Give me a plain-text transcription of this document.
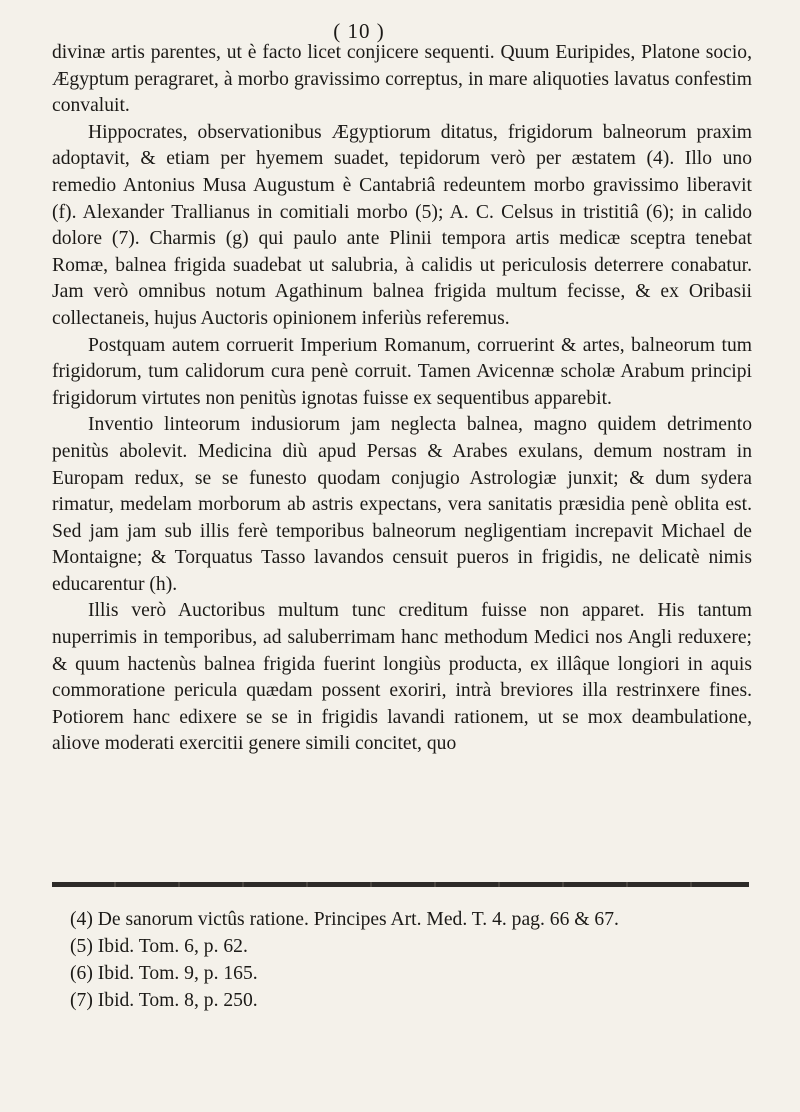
( 10 )

divinæ artis parentes, ut è facto licet conjicere sequenti. Quum Euripides, Platone socio, Ægyptum peragraret, à morbo gravissimo correptus, in mare aliquoties lavatus confestim convaluit.

Hippocrates, observationibus Ægyptiorum ditatus, frigidorum balneorum praxim adoptavit, & etiam per hyemem suadet, tepidorum verò per æstatem (4). Illo uno remedio Antonius Musa Augustum è Cantabriâ redeuntem morbo gravissimo liberavit (f). Alexander Trallianus in comitiali morbo (5); A. C. Celsus in tristitiâ (6); in calido dolore (7). Charmis (g) qui paulo ante Plinii tempora artis medicæ sceptra tenebat Romæ, balnea frigida suadebat ut salubria, à calidis ut periculosis deterrere conabatur. Jam verò omnibus notum Agathinum balnea frigida multum fecisse, & ex Oribasii collectaneis, hujus Auctoris opinionem inferiùs referemus.

Postquam autem corruerit Imperium Romanum, corruerint & artes, balneorum tum frigidorum, tum calidorum cura penè corruit. Tamen Avicennæ scholæ Arabum principi frigidorum virtutes non penitùs ignotas fuisse ex sequentibus apparebit.

Inventio linteorum indusiorum jam neglecta balnea, magno quidem detrimento penitùs abolevit. Medicina diù apud Persas & Arabes exulans, demum nostram in Europam redux, se se funesto quodam conjugio Astrologiæ junxit; & dum sydera rimatur, medelam morborum ab astris expectans, vera sanitatis præsidia penè oblita est. Sed jam jam sub illis ferè temporibus balneorum negligentiam increpavit Michael de Montaigne; & Torquatus Tasso lavandos censuit pueros in frigidis, ne delicatè nimis educarentur (h).

Illis verò Auctoribus multum tunc creditum fuisse non apparet. His tantum nuperrimis in temporibus, ad saluberrimam hanc methodum Medici nos Angli reduxere; & quum hactenùs balnea frigida fuerint longiùs producta, ex illâque longiori in aquis commoratione pericula quædam possent exoriri, intrà breviores illa restrinxere fines. Potiorem hanc edixere se se in frigidis lavandi rationem, ut se mox deambulatione, aliove moderati exercitii genere simili concitet, quo

(4) De sanorum victûs ratione. Principes Art. Med. T. 4. pag. 66 & 67.

(5) Ibid. Tom. 6, p. 62.

(6) Ibid. Tom. 9, p. 165.

(7) Ibid. Tom. 8, p. 250.
